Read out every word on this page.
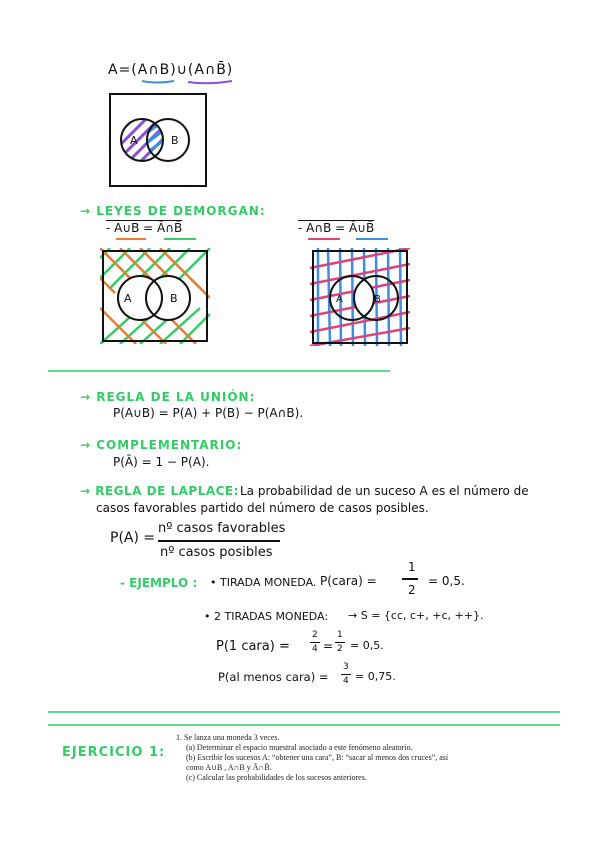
A=(A∩B)∪(A∩B̄)
A	B
→ LEYES DE DEMORGAN:
- A∪B = Ā∩B̄	- A∩B = Ā∪B̄
A	B	A	B
→ REGLA DE LA UNIÓN:
P(A∪B) = P(A) + P(B) − P(A∩B).
→ COMPLEMENTARIO:
P(Ā) = 1 − P(A).
→ REGLA DE LAPLACE: La probabilidad de un suceso A es el número de
casos favorables partido del número de casos posibles.
P(A) =
nº casos favorables
nº casos posibles
- EJEMPLO : • TIRADA MONEDA. P(cara) =
1
2
= 0,5.
• 2 TIRADAS MONEDA: → S = {cc, c+, +c, ++}.
P(1 cara) =
2
4 =
1
2 = 0,5.
P(al menos cara) =
3
4 = 0,75.
EJERCICIO 1:
1. Se lanza una moneda 3 veces.
(a) Determinar el espacio muestral asociado a este fenómeno aleatorio.
(b) Escribir los sucesos A: “obtener una cara”, B: “sacar al menos dos cruces”, así
como A∪B , A∩B y Ā∩B̄.
(c) Calcular las probabilidades de los sucesos anteriores.
